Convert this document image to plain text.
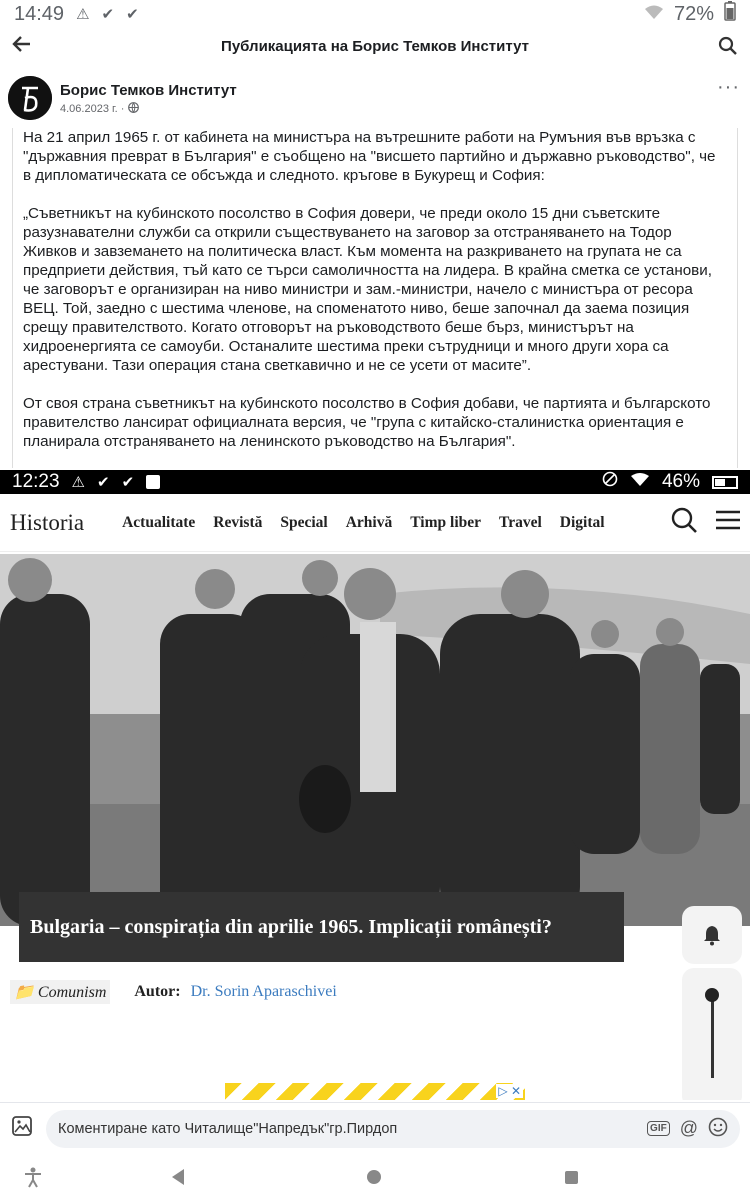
14:49 ⚠ ✔ ✔	72%
Публикацията на Борис Темков Институт
Борис Темков Институт
4.06.2023 г. ·
···

На 21 април 1965 г. от кабинета на министъра на вътрешните работи на Румъния във връзка с "държавния преврат в България" е съобщено на "висшето партийно и държавно ръководство", че в дипломатическата се обсъжда и следното. кръгове в Букурещ и София:

„Съветникът на кубинското посолство в София довери, че преди около 15 дни съветските разузнавателни служби са открили съществуването на заговор за отстраняването на Тодор Живков и завземането на политическа власт. Към момента на разкриването на групата не са предприети действия, тъй като се търси самоличността на лидера. В крайна сметка се установи, че заговорът е организиран на ниво министри и зам.-министри, начело с министъра от ресора ВЕЦ. Той, заедно с шестима членове, на споменатото ниво, беше започнал да заема позиция срещу правителството. Когато отговорът на ръководството беше бърз, министърът на хидроенергията се самоуби. Останалите шестима преки сътрудници и много други хора са арестувани. Тази операция стана светкавично и не се усети от масите”.

От своя страна съветникът на кубинското посолство в София добави, че партията и българското правителство лансират официалната версия, че "група с китайско-сталинистка ориентация е планирала отстраняването на ленинското ръководство на България".

12:23 ⚠ ✔ ✔	46%
Historia Actualitate Revistă Special Arhivă Timp liber Travel Digital
Bulgaria – conspirația din aprilie 1965. Implicații românești?
📁 Comunism Autor: Dr. Sorin Aparaschivei
▷ ✕
Коментиране като Читалище"Напредък"гр.Пирдоп	GIF @
